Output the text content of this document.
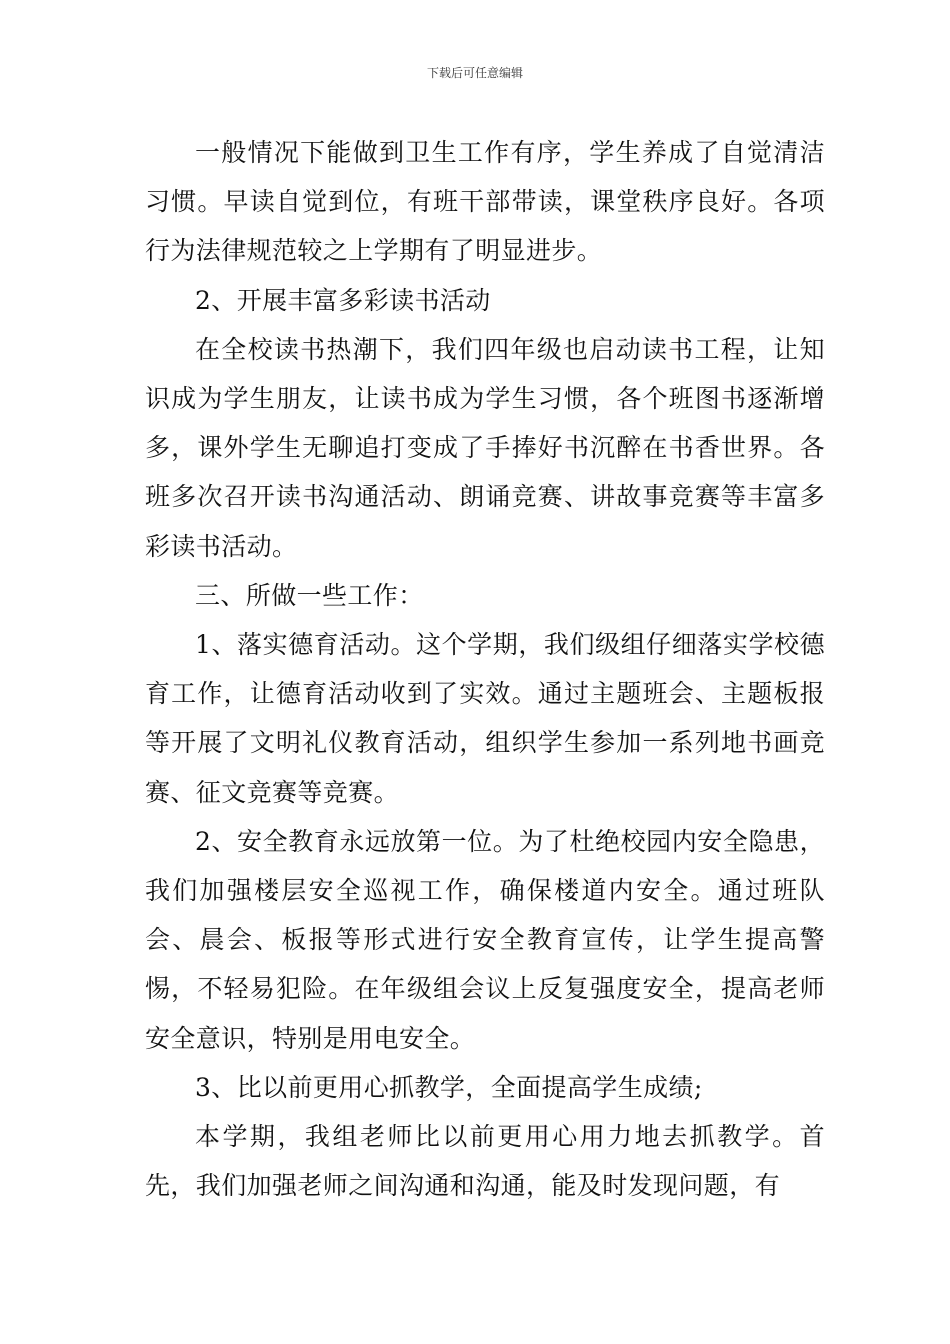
下载后可任意编辑

一般情况下能做到卫生工作有序，学生养成了自觉清洁习惯。早读自觉到位，有班干部带读，课堂秩序良好。各项行为法律规范较之上学期有了明显进步。

2、开展丰富多彩读书活动

在全校读书热潮下，我们四年级也启动读书工程，让知识成为学生朋友，让读书成为学生习惯，各个班图书逐渐增多，课外学生无聊追打变成了手捧好书沉醉在书香世界。各班多次召开读书沟通活动、朗诵竞赛、讲故事竞赛等丰富多彩读书活动。

三、所做一些工作：

1、落实德育活动。这个学期，我们级组仔细落实学校德育工作，让德育活动收到了实效。通过主题班会、主题板报等开展了文明礼仪教育活动，组织学生参加一系列地书画竞赛、征文竞赛等竞赛。

2、安全教育永远放第一位。为了杜绝校园内安全隐患，我们加强楼层安全巡视工作，确保楼道内安全。通过班队会、晨会、板报等形式进行安全教育宣传，让学生提高警惕，不轻易犯险。在年级组会议上反复强度安全，提高老师安全意识，特别是用电安全。

3、比以前更用心抓教学，全面提高学生成绩;

本学期，我组老师比以前更用心用力地去抓教学。首先，我们加强老师之间沟通和沟通，能及时发现问题，有
